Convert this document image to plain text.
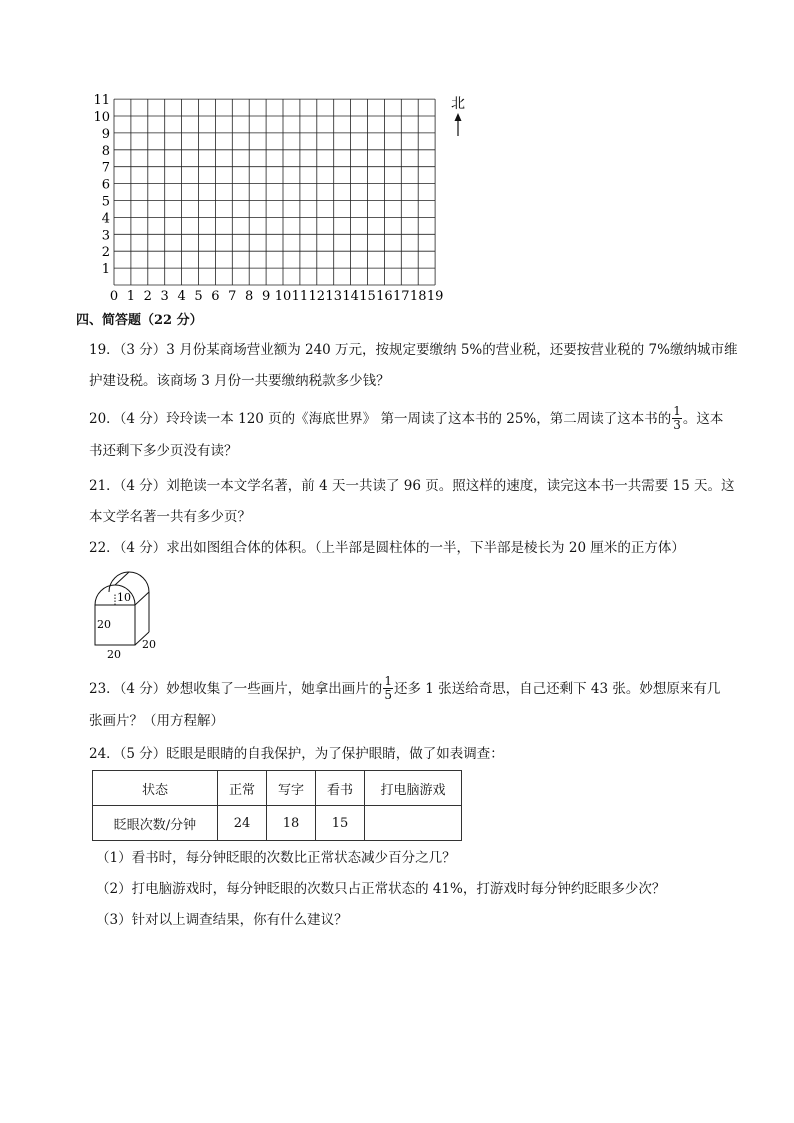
1
2
3
4
5
6
7
8
9
10
11
0 1 2 3 4 5 6 7 8 9 10 11 12 13 14 15 16 17 18 19
北
四、简答题（22 分）
19．（3 分）3 月份某商场营业额为 240 万元，按规定要缴纳 5%的营业税，还要按营业税的 7%缴纳城市维
护建设税。该商场 3 月份一共要缴纳税款多少钱？
20．（4 分）玲玲读一本 120 页的《海底世界》 第一周读了这本书的 25%，第二周读了这本书的 $\frac{1}{3}$ 。这本
书还剩下多少页没有读？
21．（4 分）刘艳读一本文学名著，前 4 天一共读了 96 页。照这样的速度，读完这本书一共需要 15 天。这
本文学名著一共有多少页？
22．（4 分）求出如图组合体的体积。（上半部是圆柱体的一半，下半部是棱长为 20 厘米的正方体）
10
20
20
20
23．（4 分）妙想收集了一些画片，她拿出画片的 $\frac{1}{5}$ 还多 1 张送给奇思，自己还剩下 43 张。妙想原来有几
张画片？（用方程解）
24．（5 分）眨眼是眼睛的自我保护，为了保护眼睛，做了如表调查：
状态	正常	写字	看书	打电脑游戏
眨眼次数/分钟	24	18	15	
（1）看书时，每分钟眨眼的次数比正常状态减少百分之几？
（2）打电脑游戏时，每分钟眨眼的次数只占正常状态的 41%，打游戏时每分钟约眨眼多少次？
（3）针对以上调查结果，你有什么建议？
